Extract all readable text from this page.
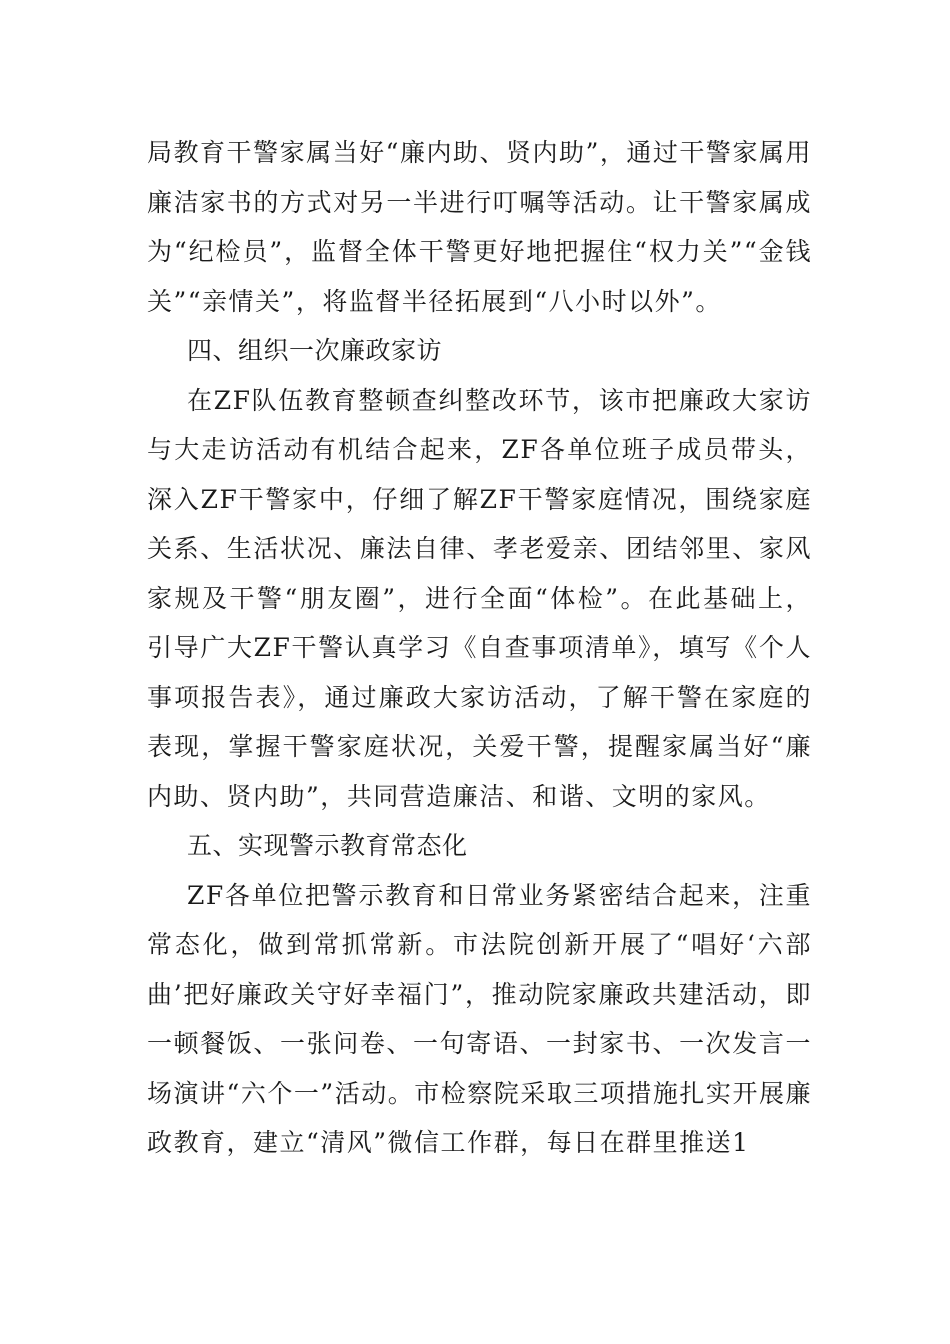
局教育干警家属当好“廉内助、贤内助”，通过干警家属用廉洁家书的方式对另一半进行叮嘱等活动。让干警家属成为“纪检员”，监督全体干警更好地把握住“权力关”“金钱关”“亲情关”，将监督半径拓展到“八小时以外”。

四、组织一次廉政家访

在ZF队伍教育整顿查纠整改环节，该市把廉政大家访与大走访活动有机结合起来，ZF各单位班子成员带头，深入ZF干警家中，仔细了解ZF干警家庭情况，围绕家庭关系、生活状况、廉法自律、孝老爱亲、团结邻里、家风家规及干警“朋友圈”，进行全面“体检”。在此基础上，引导广大ZF干警认真学习《自查事项清单》，填写《个人事项报告表》，通过廉政大家访活动，了解干警在家庭的表现，掌握干警家庭状况，关爱干警，提醒家属当好“廉内助、贤内助”，共同营造廉洁、和谐、文明的家风。

五、实现警示教育常态化

ZF各单位把警示教育和日常业务紧密结合起来，注重常态化，做到常抓常新。市法院创新开展了“唱好‘六部曲’把好廉政关守好幸福门”，推动院家廉政共建活动，即一顿餐饭、一张问卷、一句寄语、一封家书、一次发言一场演讲“六个一”活动。市检察院采取三项措施扎实开展廉政教育，建立“清风”微信工作群，每日在群里推送1
